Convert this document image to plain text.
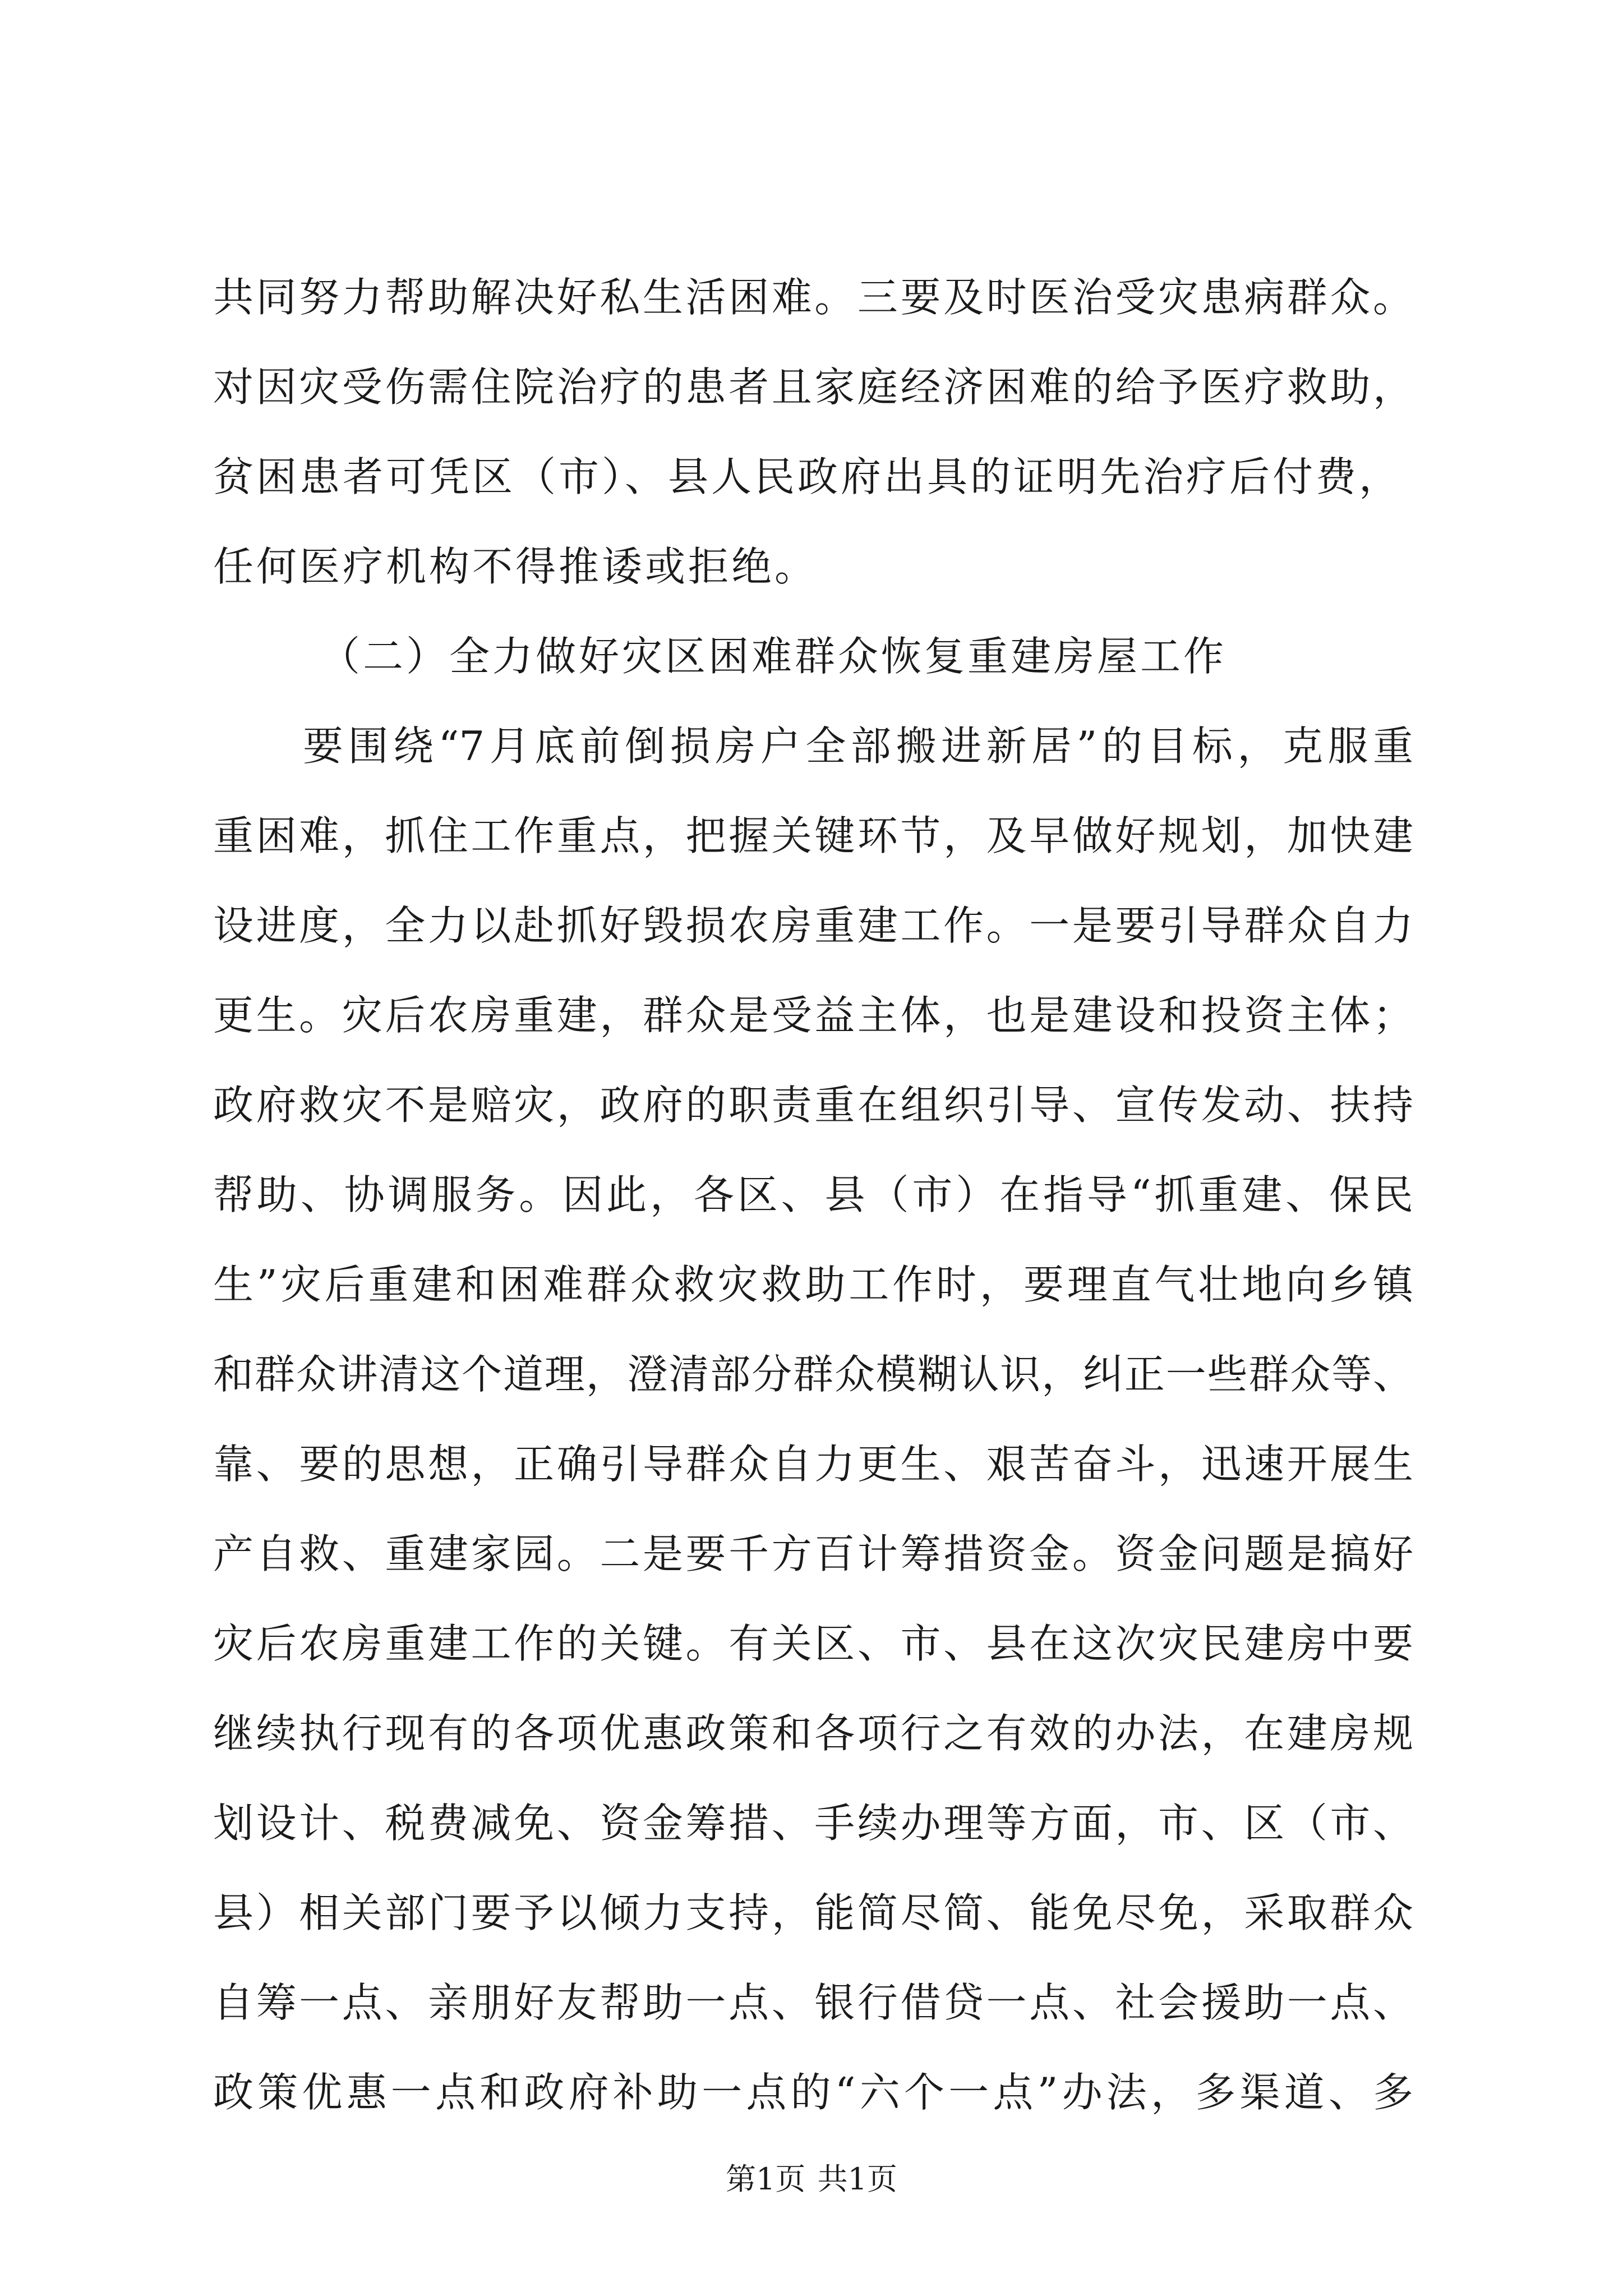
共同努力帮助解决好私生活困难。三要及时医治受灾患病群众。
对因灾受伤需住院治疗的患者且家庭经济困难的给予医疗救助，
贫困患者可凭区（市）、县人民政府出具的证明先治疗后付费，
任何医疗机构不得推诿或拒绝。
（二）全力做好灾区困难群众恢复重建房屋工作
要围绕“7月底前倒损房户全部搬进新居”的目标，克服重
重困难，抓住工作重点，把握关键环节，及早做好规划，加快建
设进度，全力以赴抓好毁损农房重建工作。一是要引导群众自力
更生。灾后农房重建，群众是受益主体，也是建设和投资主体；
政府救灾不是赔灾，政府的职责重在组织引导、宣传发动、扶持
帮助、协调服务。因此，各区、县（市）在指导“抓重建、保民
生”灾后重建和困难群众救灾救助工作时，要理直气壮地向乡镇
和群众讲清这个道理，澄清部分群众模糊认识，纠正一些群众等、
靠、要的思想，正确引导群众自力更生、艰苦奋斗，迅速开展生
产自救、重建家园。二是要千方百计筹措资金。资金问题是搞好
灾后农房重建工作的关键。有关区、市、县在这次灾民建房中要
继续执行现有的各项优惠政策和各项行之有效的办法，在建房规
划设计、税费减免、资金筹措、手续办理等方面，市、区（市、
县）相关部门要予以倾力支持，能简尽简、能免尽免，采取群众
自筹一点、亲朋好友帮助一点、银行借贷一点、社会援助一点、
政策优惠一点和政府补助一点的“六个一点”办法，多渠道、多
第1页 共1页
